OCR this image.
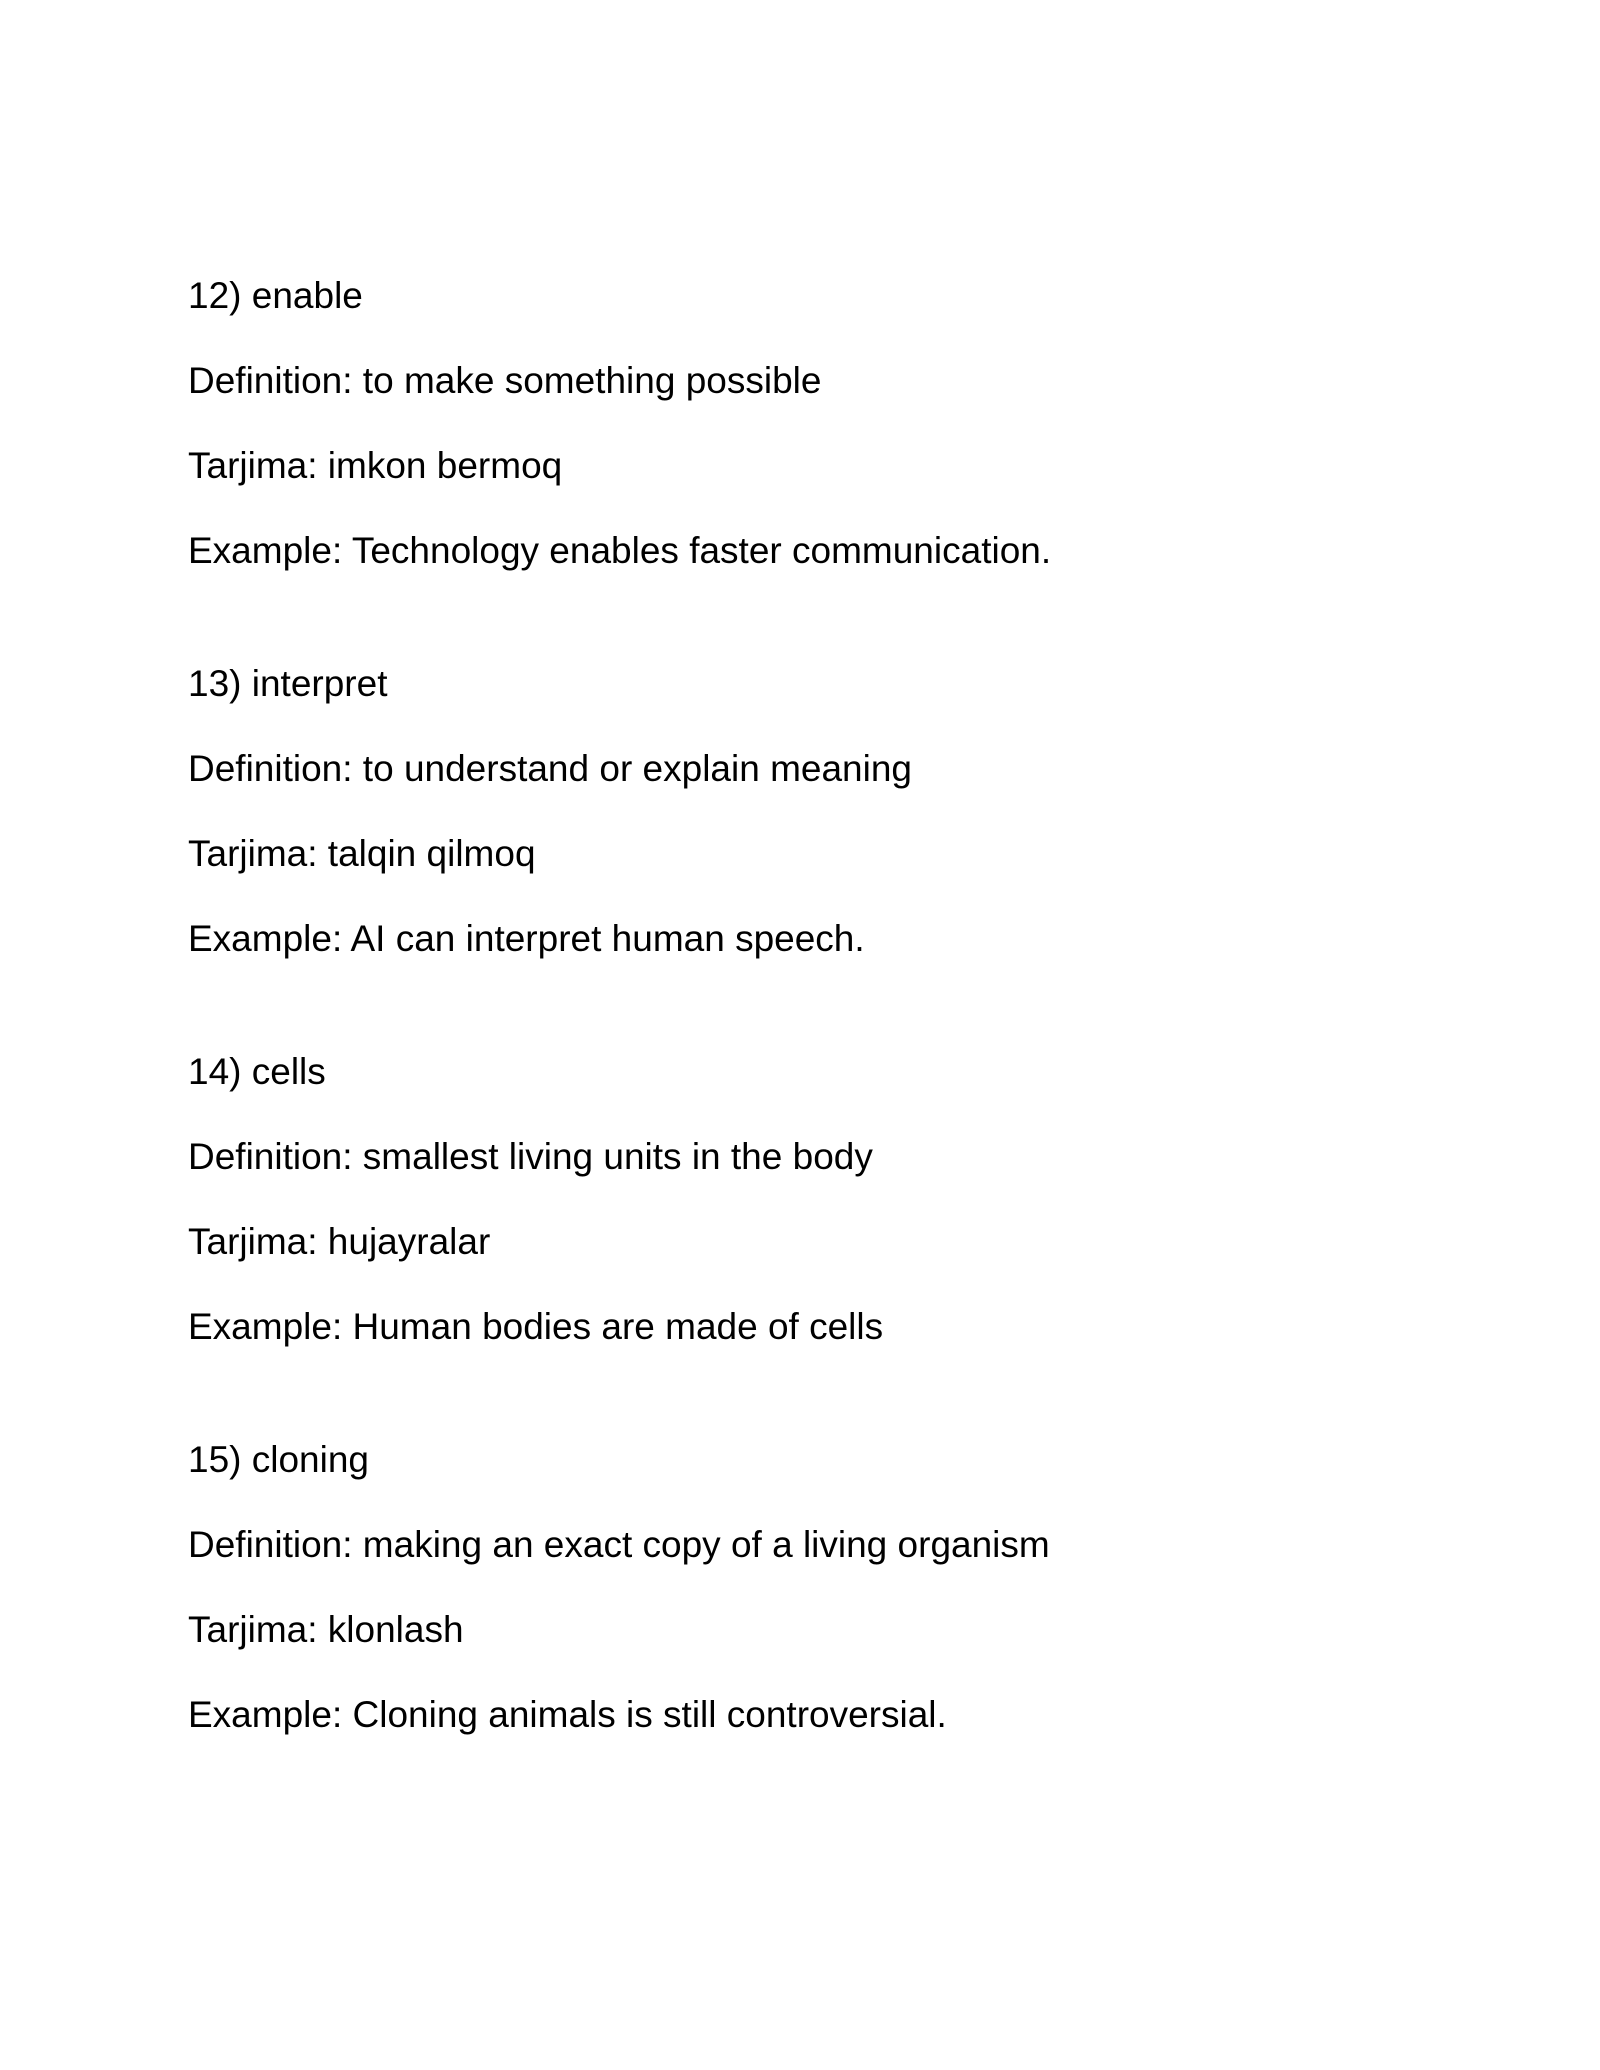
12) enable
Definition: to make something possible
Tarjima: imkon bermoq
Example: Technology enables faster communication.
13) interpret
Definition: to understand or explain meaning
Tarjima: talqin qilmoq
Example: AI can interpret human speech.
14) cells
Definition: smallest living units in the body
Tarjima: hujayralar
Example: Human bodies are made of cells
15) cloning
Definition: making an exact copy of a living organism
Tarjima: klonlash
Example: Cloning animals is still controversial.
